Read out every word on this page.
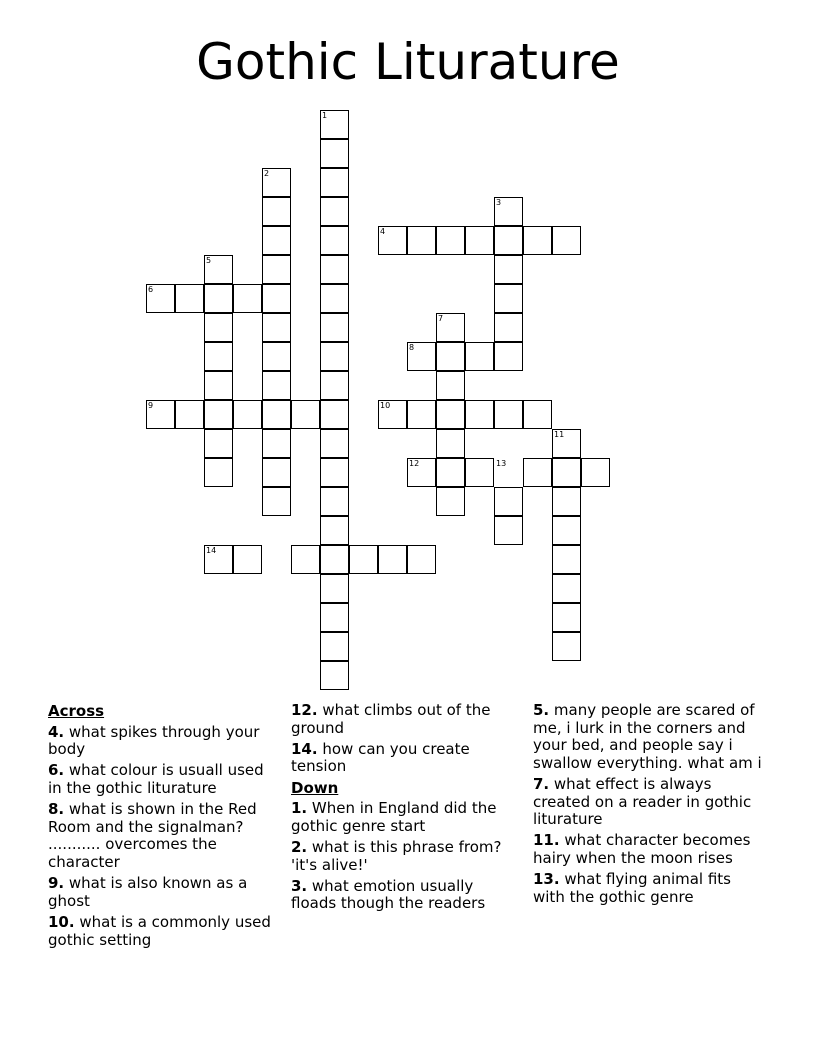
Gothic Liturature
1
2
3
4
5
6
7
8
9	10
11
12	13
14
Across
4. what spikes through your body
6. what colour is usuall used in the gothic liturature
8. what is shown in the Red Room and the signalman? ........... overcomes the character
9. what is also known as a ghost
10. what is a commonly used gothic setting
12. what climbs out of the ground
14. how can you create tension
Down
1. When in England did the gothic genre start
2. what is this phrase from? 'it's alive!'
3. what emotion usually floads though the readers
5. many people are scared of me, i lurk in the corners and your bed, and people say i swallow everything. what am i
7. what effect is always created on a reader in gothic liturature
11. what character becomes hairy when the moon rises
13. what flying animal fits with the gothic genre
